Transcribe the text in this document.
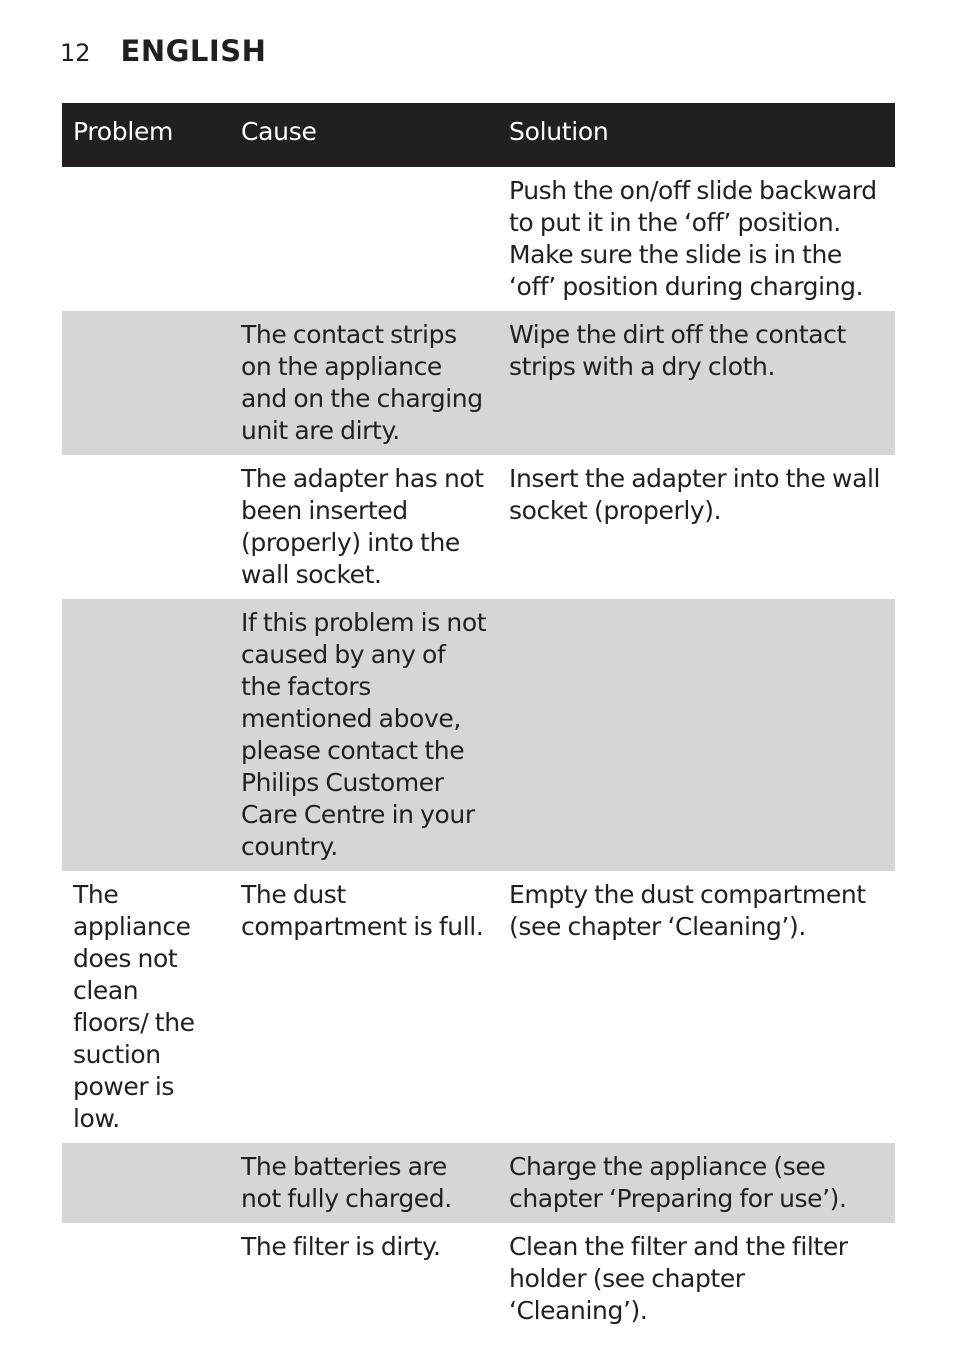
12 ENGLISH
Problem	Cause	Solution
		Push the on/off slide backward to put it in the ‘off’ position. Make sure the slide is in the ‘off’ position during charging.
	The contact strips on the appliance and on the charging unit are dirty.	Wipe the dirt off the contact strips with a dry cloth.
	The adapter has not been inserted (properly) into the wall socket.	Insert the adapter into the wall socket (properly).
	If this problem is not caused by any of the factors mentioned above, please contact the Philips Customer Care Centre in your country.	
The appliance does not clean floors/ the suction power is low.	The dust compartment is full.	Empty the dust compartment (see chapter ‘Cleaning’).
	The batteries are not fully charged.	Charge the appliance (see chapter ‘Preparing for use’).
	The filter is dirty.	Clean the filter and the filter holder (see chapter ‘Cleaning’).
